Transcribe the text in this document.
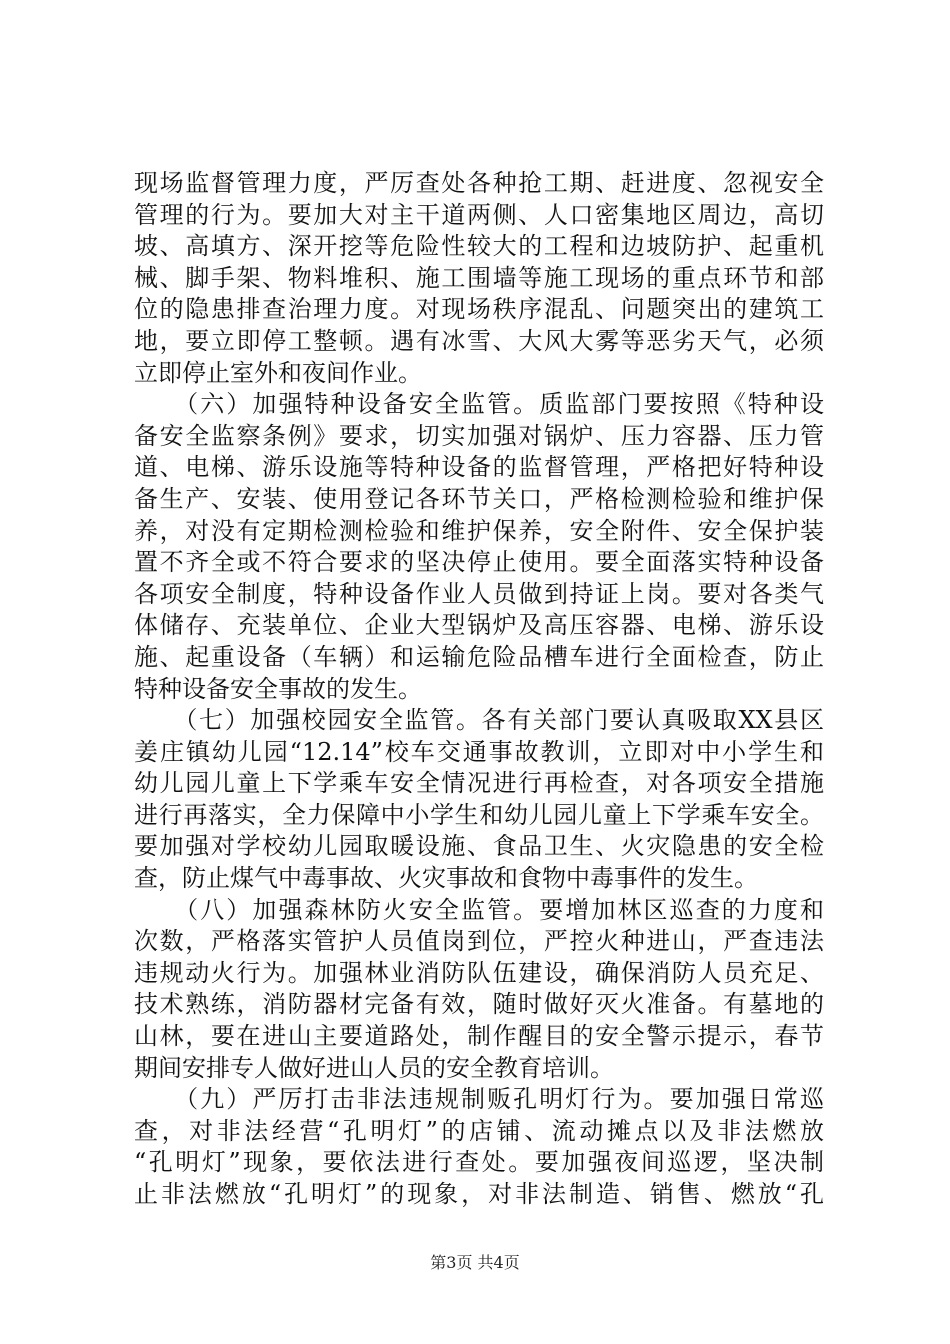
现场监督管理力度，严厉查处各种抢工期、赶进度、忽视安全
管理的行为。要加大对主干道两侧、人口密集地区周边，高切
坡、高填方、深开挖等危险性较大的工程和边坡防护、起重机
械、脚手架、物料堆积、施工围墙等施工现场的重点环节和部
位的隐患排查治理力度。对现场秩序混乱、问题突出的建筑工
地，要立即停工整顿。遇有冰雪、大风大雾等恶劣天气，必须
立即停止室外和夜间作业。
　　（六）加强特种设备安全监管。质监部门要按照《特种设
备安全监察条例》要求，切实加强对锅炉、压力容器、压力管
道、电梯、游乐设施等特种设备的监督管理，严格把好特种设
备生产、安装、使用登记各环节关口，严格检测检验和维护保
养，对没有定期检测检验和维护保养，安全附件、安全保护装
置不齐全或不符合要求的坚决停止使用。要全面落实特种设备
各项安全制度，特种设备作业人员做到持证上岗。要对各类气
体储存、充装单位、企业大型锅炉及高压容器、电梯、游乐设
施、起重设备（车辆）和运输危险品槽车进行全面检查，防止
特种设备安全事故的发生。
　　（七）加强校园安全监管。各有关部门要认真吸取XX县区
姜庄镇幼儿园“12.14”校车交通事故教训，立即对中小学生和
幼儿园儿童上下学乘车安全情况进行再检查，对各项安全措施
进行再落实，全力保障中小学生和幼儿园儿童上下学乘车安全。
要加强对学校幼儿园取暖设施、食品卫生、火灾隐患的安全检
查，防止煤气中毒事故、火灾事故和食物中毒事件的发生。
　　（八）加强森林防火安全监管。要增加林区巡查的力度和
次数，严格落实管护人员值岗到位，严控火种进山，严查违法
违规动火行为。加强林业消防队伍建设，确保消防人员充足、
技术熟练，消防器材完备有效，随时做好灭火准备。有墓地的
山林，要在进山主要道路处，制作醒目的安全警示提示，春节
期间安排专人做好进山人员的安全教育培训。
　　（九）严厉打击非法违规制贩孔明灯行为。要加强日常巡
查，对非法经营“孔明灯”的店铺、流动摊点以及非法燃放
“孔明灯”现象，要依法进行查处。要加强夜间巡逻，坚决制
止非法燃放“孔明灯”的现象，对非法制造、销售、燃放“孔
第3页 共4页
